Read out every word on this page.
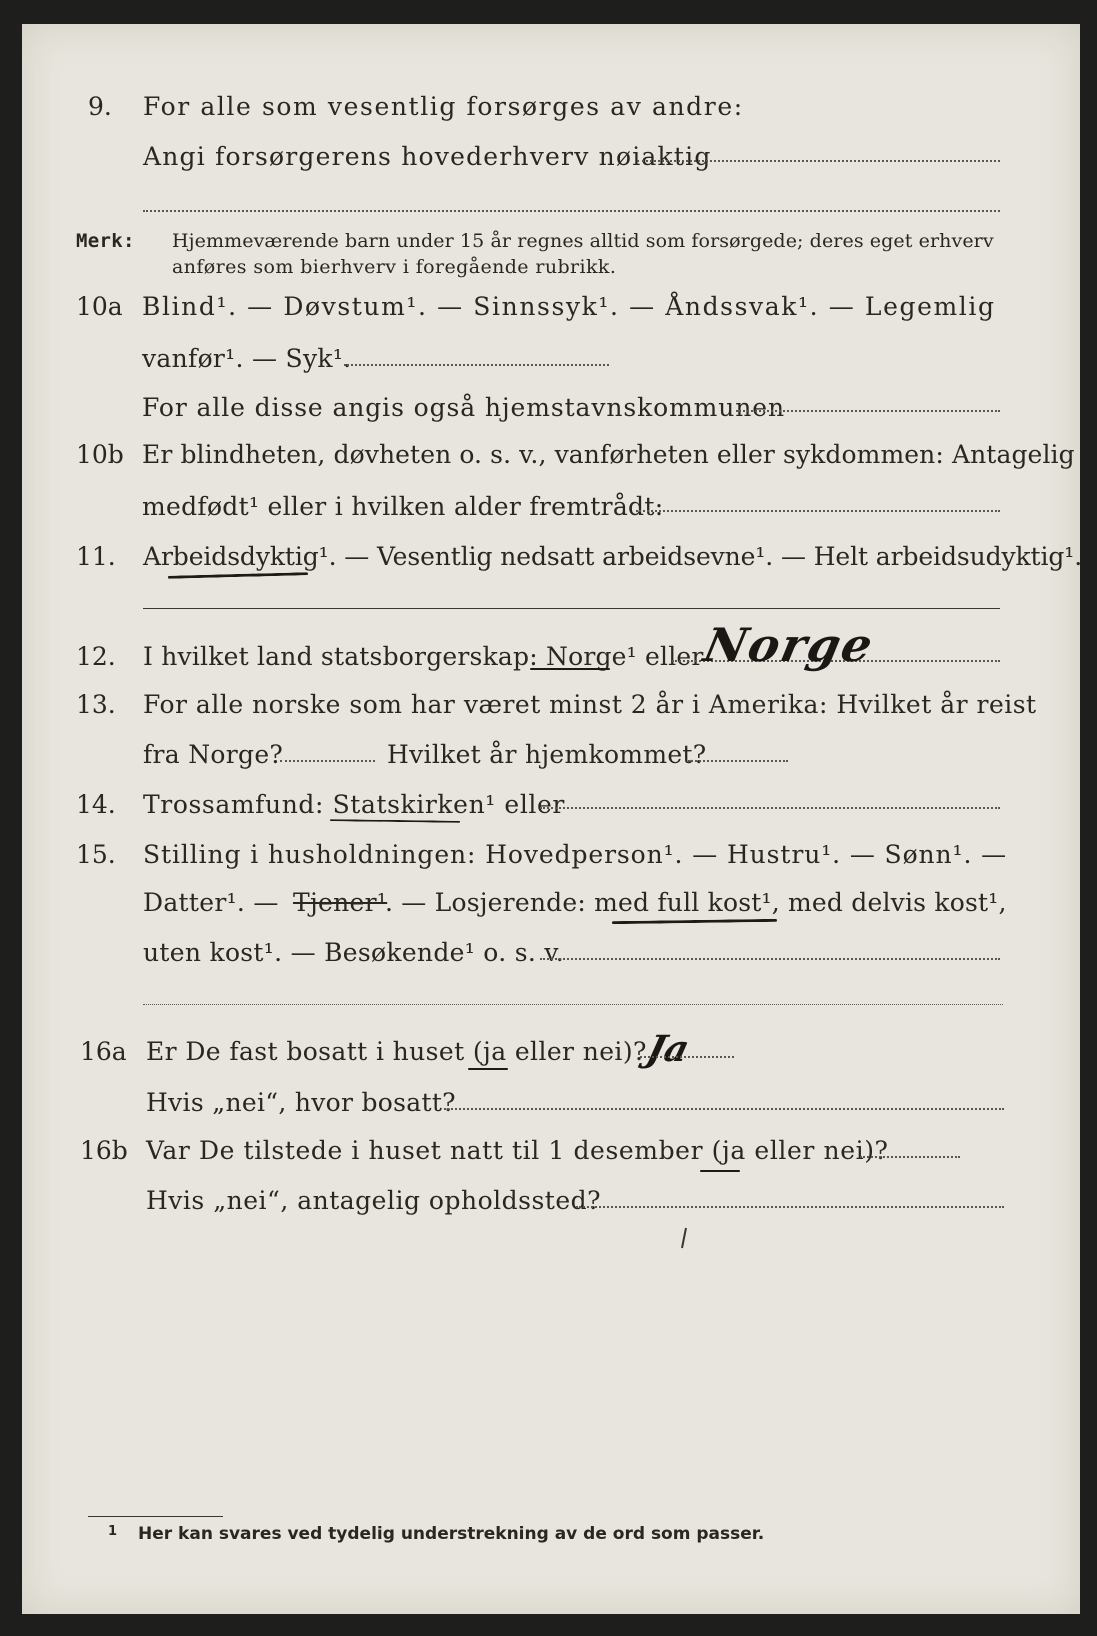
9. For alle som vesentlig forsørges av andre:
Angi forsørgerens hovederhverv nøiaktig
Merk: Hjemmeværende barn under 15 år regnes alltid som forsørgede; deres eget erhverv
anføres som bierhverv i foregående rubrikk.
10a Blind¹. — Døvstum¹. — Sinnssyk¹. — Åndssvak¹. — Legemlig
vanfør¹. — Syk¹.
For alle disse angis også hjemstavnskommunen
10b Er blindheten, døvheten o. s. v., vanførheten eller sykdommen: Antagelig
medfødt¹ eller i hvilken alder fremtrådt:
11. Arbeidsdyktig¹. — Vesentlig nedsatt arbeidsevne¹. — Helt arbeidsudyktig¹.
12. I hvilket land statsborgerskap: Norge¹ eller
Norge
13. For alle norske som har været minst 2 år i Amerika: Hvilket år reist
fra Norge?	Hvilket år hjemkommet?
14. Trossamfund: Statskirken¹ eller
15. Stilling i husholdningen: Hovedperson¹. — Hustru¹. — Sønn¹. —
Datter¹. — Tjener¹
. — Losjerende: med full kost¹, med delvis kost¹,
uten kost¹. — Besøkende¹ o. s. v.
16a Er De fast bosatt i huset (ja eller nei)?
Ja
Hvis „nei“, hvor bosatt?
16b Var De tilstede i huset natt til 1 desember (ja eller nei)?
Hvis „nei“, antagelig opholdssted?
1 Her kan svares ved tydelig understrekning av de ord som passer.
